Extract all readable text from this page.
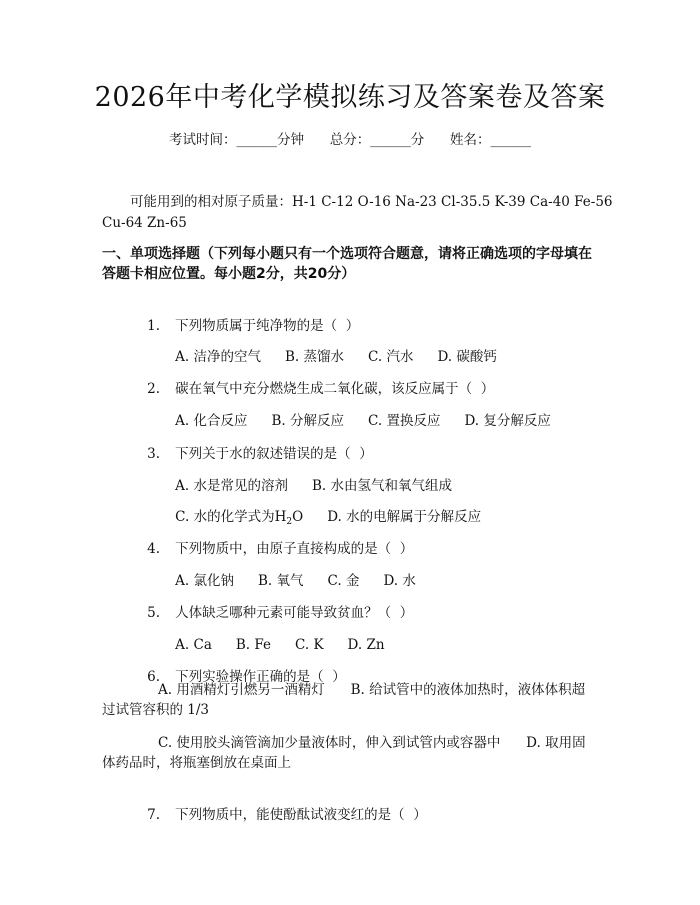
2026年中考化学模拟练习及答案卷及答案
考试时间：______分钟      总分：______分      姓名：______
可能用到的相对原子质量：H-1 C-12 O-16 Na-23 Cl-35.5 K-39 Ca-40 Fe-56
Cu-64 Zn-65
一、单项选择题（下列每小题只有一个选项符合题意，请将正确选项的字母填在
答题卡相应位置。每小题2分，共20分）

1. 下列物质属于纯净物的是（  ）

A. 洁净的空气 B. 蒸馏水 C. 汽水 D. 碳酸钙

2. 碳在氧气中充分燃烧生成二氧化碳，该反应属于（  ）

A. 化合反应 B. 分解反应 C. 置换反应 D. 复分解反应

3. 下列关于水的叙述错误的是（  ）

A. 水是常见的溶剂 B. 水由氢气和氧气组成

C. 水的化学式为$H_2O$ D. 水的电解属于分解反应

4. 下列物质中，由原子直接构成的是（  ）

A. 氯化钠 B. 氧气 C. 金 D. 水

5. 人体缺乏哪种元素可能导致贫血？（  ）

A. Ca B. Fe C. K D. Zn

6. 下列实验操作正确的是（  ）

A. 用酒精灯引燃另一酒精灯      B. 给试管中的液体加热时，液体体积超
过试管容积的 1/3
C. 使用胶头滴管滴加少量液体时，伸入到试管内或容器中      D. 取用固
体药品时，将瓶塞倒放在桌面上

7. 下列物质中，能使酚酞试液变红的是（  ）
